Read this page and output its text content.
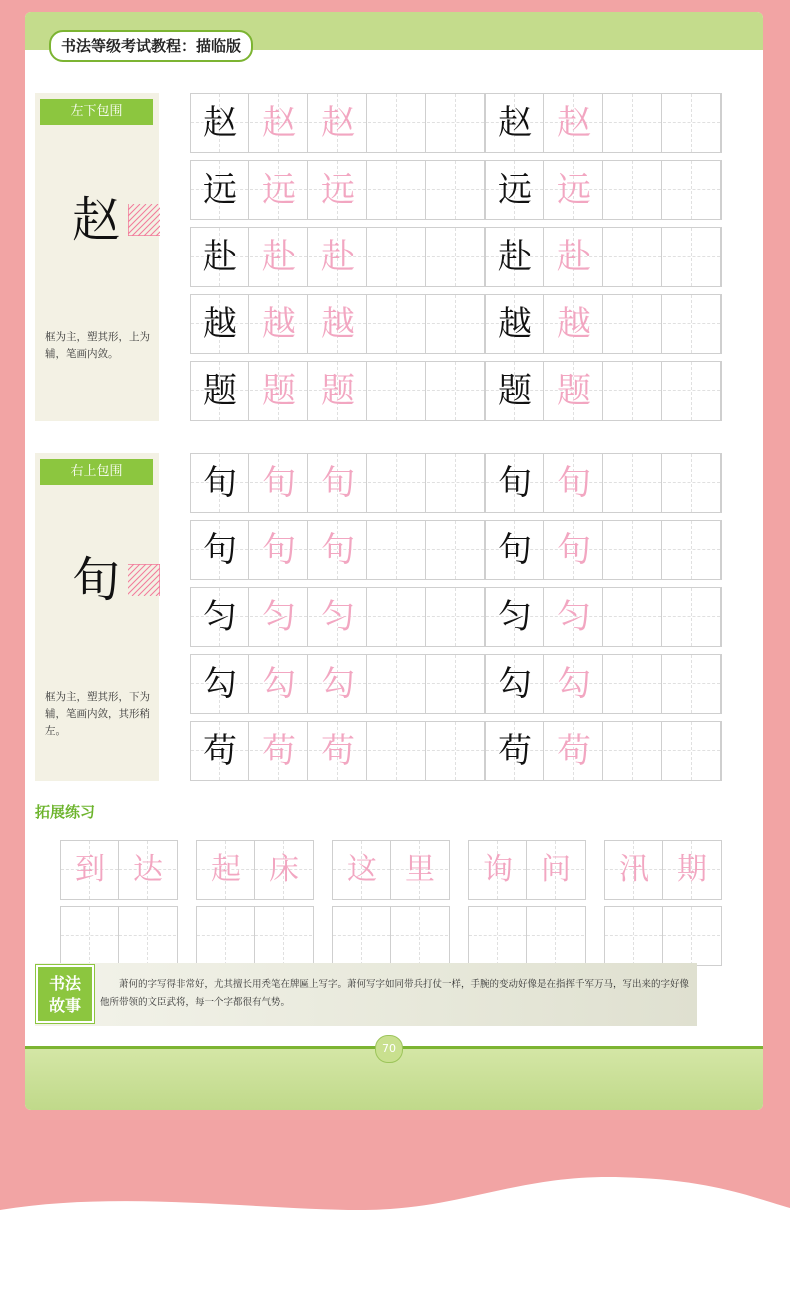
书法等级考试教程：描临版
70
左下包围
赵
框为主，塑其形，上为辅，笔画内敛。
赵 赵 赵	赵 赵
远 远 远	远 远
赴 赴 赴	赴 赴
越 越 越	越 越
题 题 题	题 题
右上包围
旬
框为主，塑其形，下为辅，笔画内敛，其形稍左。
旬 旬 旬	旬 旬
句 句 句	句 句
匀 匀 匀	匀 匀
勾 勾 勾	勾 勾
苟 苟 苟	苟 苟
拓展练习
到 达	起 床	这 里	询 问	汛 期
书法
故事
萧何的字写得非常好，尤其擅长用秃笔在牌匾上写字。萧何写字如同带兵打仗一样，手腕的变动好像是在指挥千军万马，写出来的字好像他所带领的文臣武将，每一个字都很有气势。
